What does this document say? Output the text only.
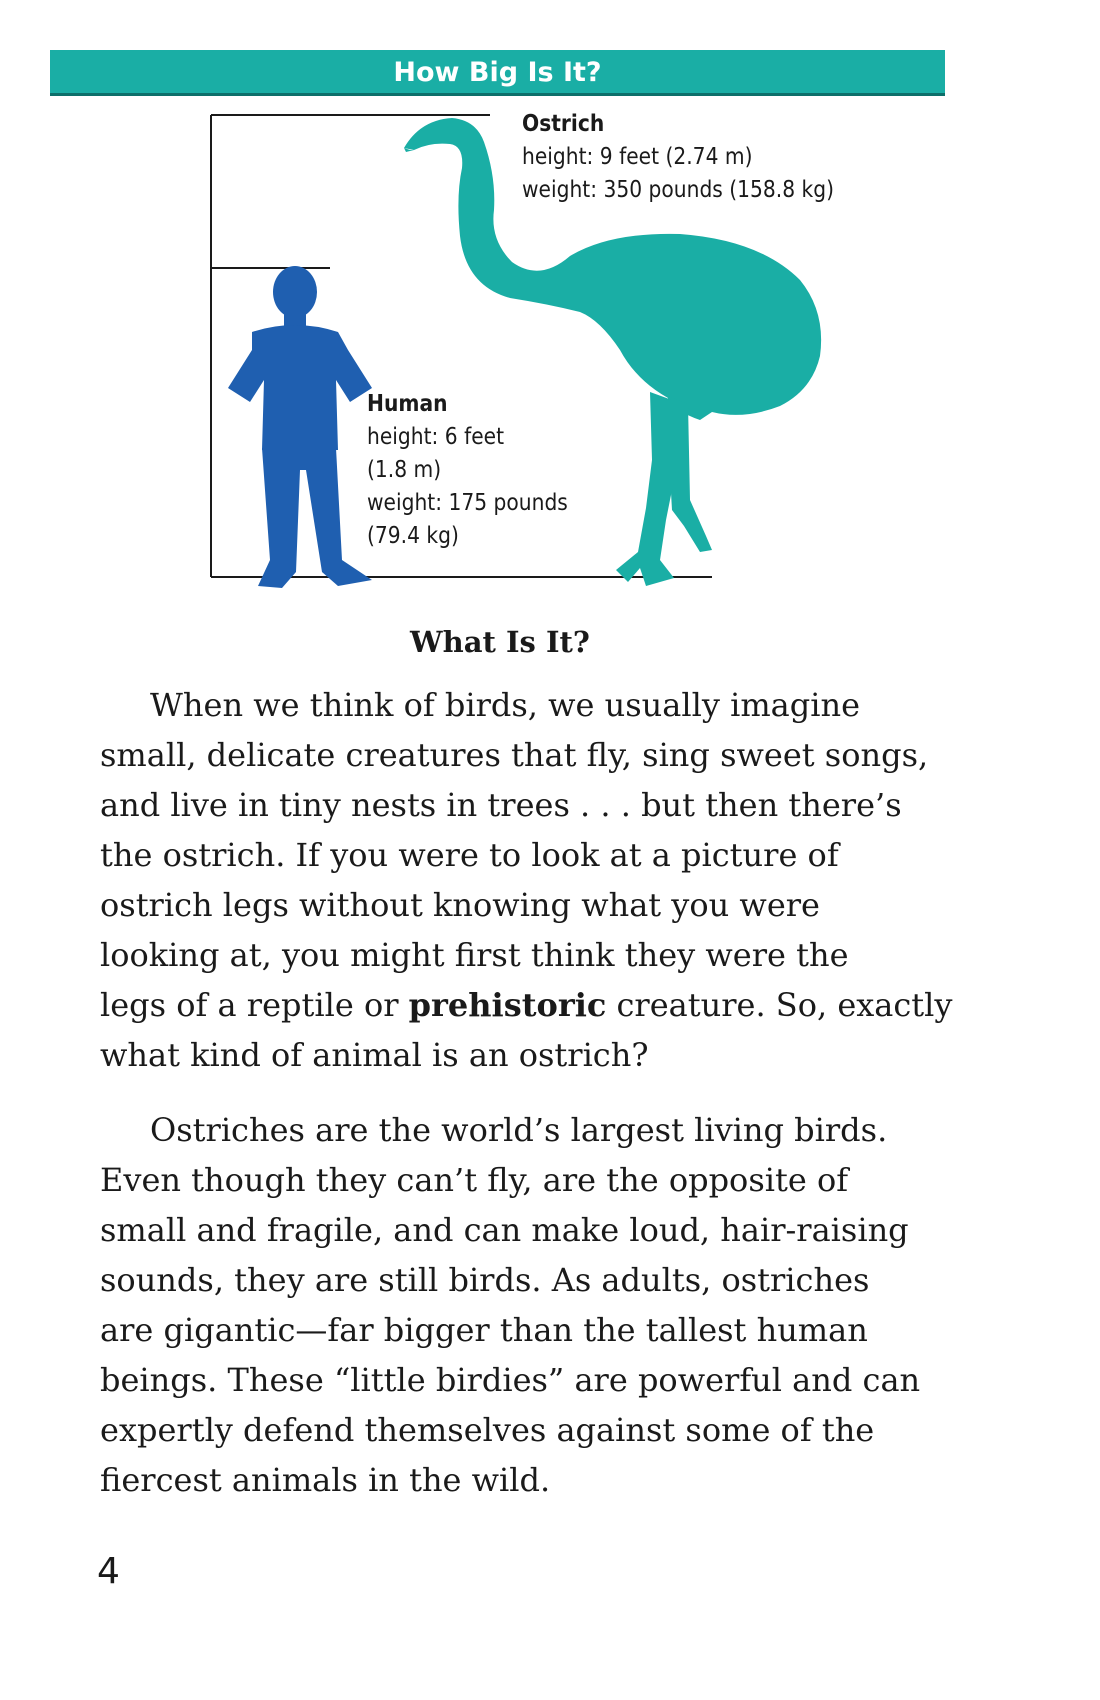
How Big Is It?
Ostrich
height: 9 feet (2.74 m)
weight: 350 pounds (158.8 kg)
Human
height: 6 feet
(1.8 m)
weight: 175 pounds
(79.4 kg)
What Is It?

When we think of birds, we usually imagine
small, delicate creatures that fly, sing sweet songs,
and live in tiny nests in trees . . . but then there’s
the ostrich. If you were to look at a picture of
ostrich legs without knowing what you were
looking at, you might first think they were the
legs of a reptile or prehistoric creature. So, exactly
what kind of animal is an ostrich?

Ostriches are the world’s largest living birds.
Even though they can’t fly, are the opposite of
small and fragile, and can make loud, hair-raising
sounds, they are still birds. As adults, ostriches
are gigantic—far bigger than the tallest human
beings. These “little birdies” are powerful and can
expertly defend themselves against some of the
fiercest animals in the wild.

4
